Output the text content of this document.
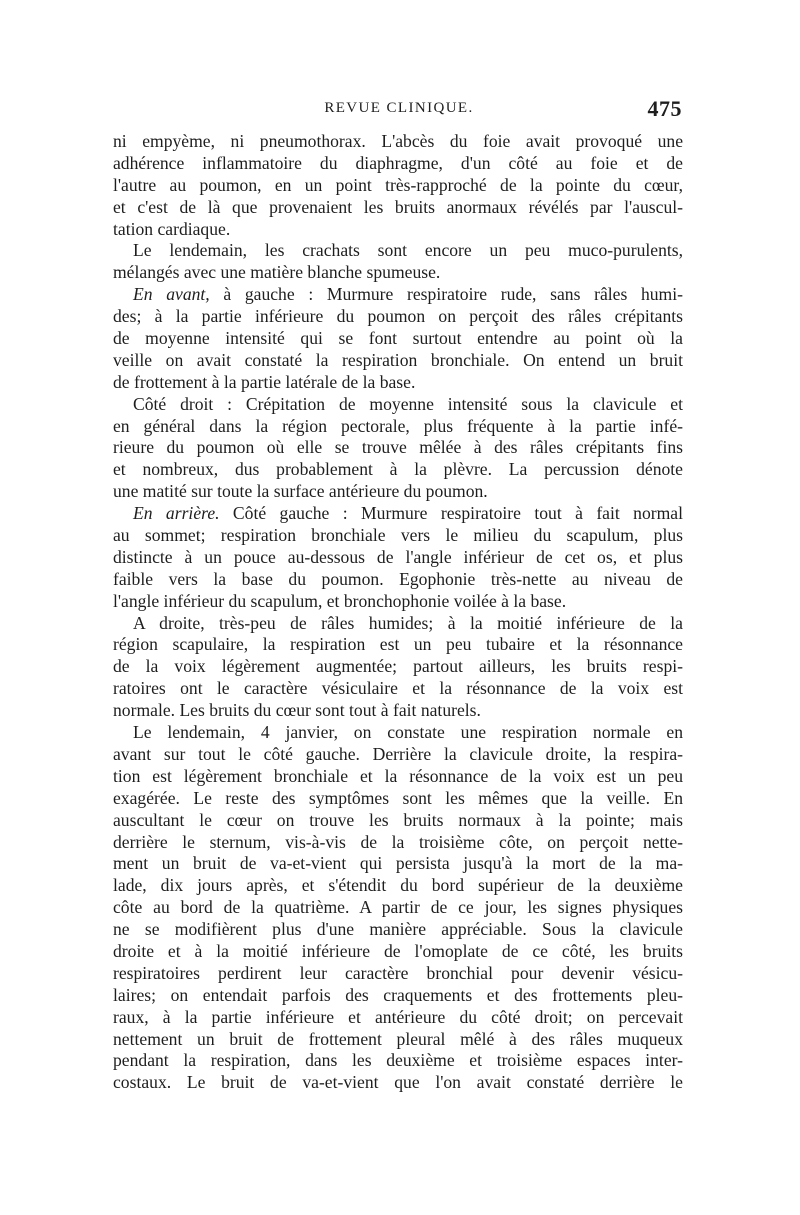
REVUE CLINIQUE.	475
ni empyème, ni pneumothorax. L'abcès du foie avait provoqué une
adhérence inflammatoire du diaphragme, d'un côté au foie et de
l'autre au poumon, en un point très-rapproché de la pointe du cœur,
et c'est de là que provenaient les bruits anormaux révélés par l'auscul-
tation cardiaque.
Le lendemain, les crachats sont encore un peu muco-purulents,
mélangés avec une matière blanche spumeuse.
En avant, à gauche : Murmure respiratoire rude, sans râles humi-
des; à la partie inférieure du poumon on perçoit des râles crépitants
de moyenne intensité qui se font surtout entendre au point où la
veille on avait constaté la respiration bronchiale. On entend un bruit
de frottement à la partie latérale de la base.
Côté droit : Crépitation de moyenne intensité sous la clavicule et
en général dans la région pectorale, plus fréquente à la partie infé-
rieure du poumon où elle se trouve mêlée à des râles crépitants fins
et nombreux, dus probablement à la plèvre. La percussion dénote
une matité sur toute la surface antérieure du poumon.
En arrière. Côté gauche : Murmure respiratoire tout à fait normal
au sommet; respiration bronchiale vers le milieu du scapulum, plus
distincte à un pouce au-dessous de l'angle inférieur de cet os, et plus
faible vers la base du poumon. Egophonie très-nette au niveau de
l'angle inférieur du scapulum, et bronchophonie voilée à la base.
A droite, très-peu de râles humides; à la moitié inférieure de la
région scapulaire, la respiration est un peu tubaire et la résonnance
de la voix légèrement augmentée; partout ailleurs, les bruits respi-
ratoires ont le caractère vésiculaire et la résonnance de la voix est
normale. Les bruits du cœur sont tout à fait naturels.
Le lendemain, 4 janvier, on constate une respiration normale en
avant sur tout le côté gauche. Derrière la clavicule droite, la respira-
tion est légèrement bronchiale et la résonnance de la voix est un peu
exagérée. Le reste des symptômes sont les mêmes que la veille. En
auscultant le cœur on trouve les bruits normaux à la pointe; mais
derrière le sternum, vis-à-vis de la troisième côte, on perçoit nette-
ment un bruit de va-et-vient qui persista jusqu'à la mort de la ma-
lade, dix jours après, et s'étendit du bord supérieur de la deuxième
côte au bord de la quatrième. A partir de ce jour, les signes physiques
ne se modifièrent plus d'une manière appréciable. Sous la clavicule
droite et à la moitié inférieure de l'omoplate de ce côté, les bruits
respiratoires perdirent leur caractère bronchial pour devenir vésicu-
laires; on entendait parfois des craquements et des frottements pleu-
raux, à la partie inférieure et antérieure du côté droit; on percevait
nettement un bruit de frottement pleural mêlé à des râles muqueux
pendant la respiration, dans les deuxième et troisième espaces inter-
costaux. Le bruit de va-et-vient que l'on avait constaté derrière le
